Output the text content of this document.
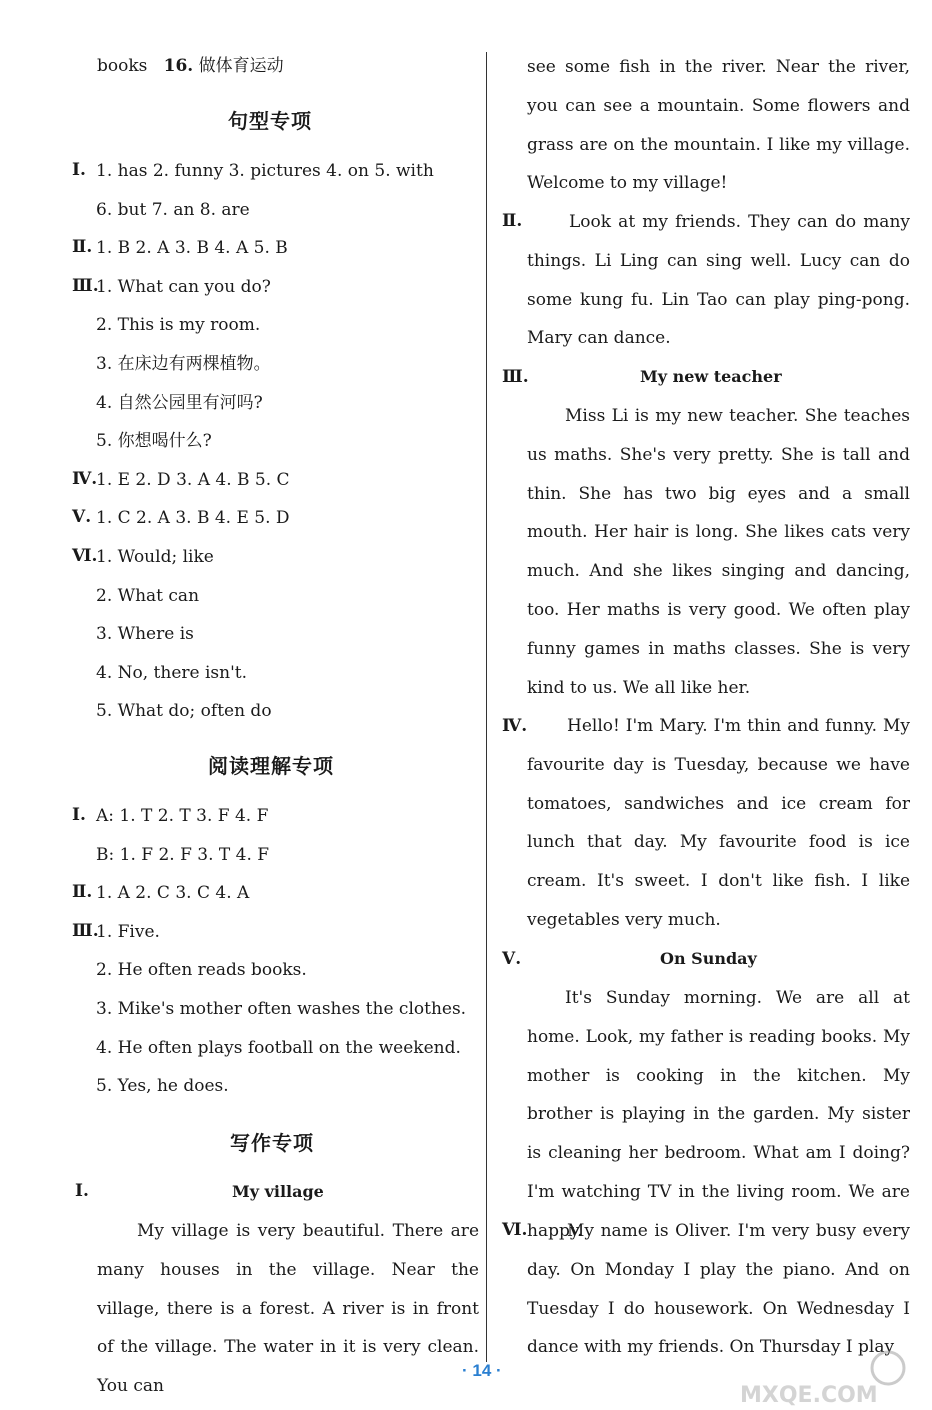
books 16. 做体育运动
句型专项
Ⅰ. 1. has 2. funny 3. pictures 4. on 5. with
6. but 7. an 8. are
Ⅱ. 1. B 2. A 3. B 4. A 5. B
Ⅲ.
1. What can you do?
2. This is my room.
3. 在床边有两棵植物。
4. 自然公园里有河吗?
5. 你想喝什么?
Ⅳ.
1. E 2. D 3. A 4. B 5. C
Ⅴ. 1. C 2. A 3. B 4. E 5. D
Ⅵ.
1. Would; like
2. What can
3. Where is
4. No, there isn't.
5. What do; often do
阅读理解专项
Ⅰ. A: 1. T 2. T 3. F 4. F
B: 1. F 2. F 3. T 4. F
Ⅱ. 1. A 2. C 3. C 4. A
Ⅲ.
1. Five.
2. He often reads books.
3. Mike's mother often washes the clothes.
4. He often plays football on the weekend.
5. Yes, he does.
写作专项
Ⅰ.	My village
My village is very beautiful. There are many houses in the village. Near the village, there is a forest. A river is in front of the village. The water in it is very clean. You can
see some fish in the river. Near the river, you can see a mountain. Some flowers and grass are on the mountain. I like my village. Welcome to my village!
Ⅱ.	Look at my friends. They can do many things. Li Ling can sing well. Lucy can do some kung fu. Lin Tao can play ping-pong. Mary can dance.
Ⅲ.	My new teacher
Miss Li is my new teacher. She teaches us maths. She's very pretty. She is tall and thin. She has two big eyes and a small mouth. Her hair is long. She likes cats very much. And she likes singing and dancing, too. Her maths is very good. We often play funny games in maths classes. She is very kind to us. We all like her.
Ⅳ.	Hello! I'm Mary. I'm thin and funny. My favourite day is Tuesday, because we have tomatoes, sandwiches and ice cream for lunch that day. My favourite food is ice cream. It's sweet. I don't like fish. I like vegetables very much.
Ⅴ.	On Sunday
It's Sunday morning. We are all at home. Look, my father is reading books. My mother is cooking in the kitchen. My brother is playing in the garden. My sister is cleaning her bedroom. What am I doing? I'm watching TV in the living room. We are happy.
Ⅵ.	My name is Oliver. I'm very busy every day. On Monday I play the piano. And on Tuesday I do housework. On Wednesday I dance with my friends. On Thursday I play
· 14 ·
MXQE.COM
